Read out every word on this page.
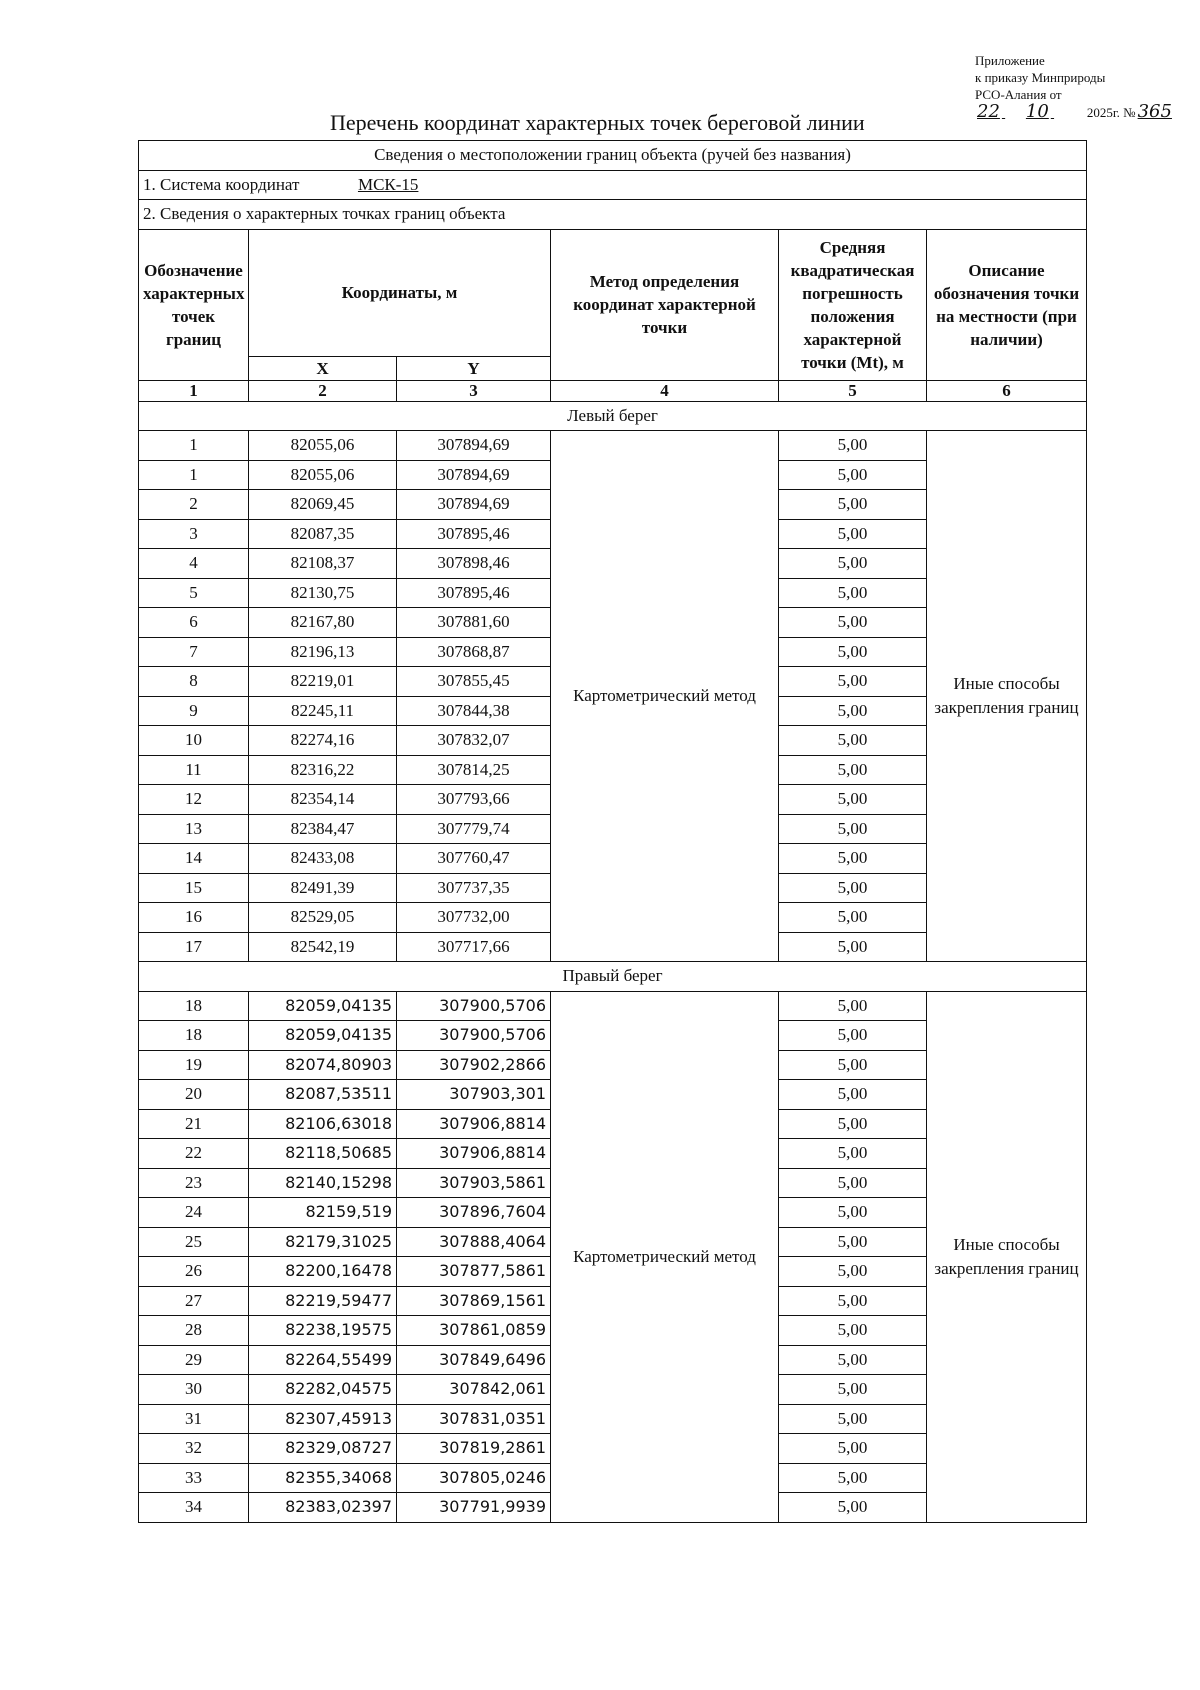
Приложение
к приказу Минприроды
РСО-Алания от
22 10	2025г. № 365
Перечень координат характерных точек береговой линии
Сведения о местоположении границ объекта (ручей без названия)					
1. Система координат МСК-15					
2. Сведения о характерных точках границ объекта					
Обозначение характерных точек границ	Координаты, м		Метод определения координат характерной точки	Средняя квадратическая погрешность положения характерной точки (Mt), м	Описание обозначения точки на местности (при наличии)
	X	Y			
1	2	3	4	5	6
Левый берег					
1	82055,06	307894,69	Картометрический метод	5,00	Иные способы закрепления границ
1	82055,06	307894,69		5,00	
2	82069,45	307894,69		5,00	
3	82087,35	307895,46		5,00	
4	82108,37	307898,46		5,00	
5	82130,75	307895,46		5,00	
6	82167,80	307881,60		5,00	
7	82196,13	307868,87		5,00	
8	82219,01	307855,45		5,00	
9	82245,11	307844,38		5,00	
10	82274,16	307832,07		5,00	
11	82316,22	307814,25		5,00	
12	82354,14	307793,66		5,00	
13	82384,47	307779,74		5,00	
14	82433,08	307760,47		5,00	
15	82491,39	307737,35		5,00	
16	82529,05	307732,00		5,00	
17	82542,19	307717,66		5,00	
Правый берег					
18	82059,04135	307900,5706	Картометрический метод	5,00	Иные способы закрепления границ
18	82059,04135	307900,5706		5,00	
19	82074,80903	307902,2866		5,00	
20	82087,53511	307903,301		5,00	
21	82106,63018	307906,8814		5,00	
22	82118,50685	307906,8814		5,00	
23	82140,15298	307903,5861		5,00	
24	82159,519	307896,7604		5,00	
25	82179,31025	307888,4064		5,00	
26	82200,16478	307877,5861		5,00	
27	82219,59477	307869,1561		5,00	
28	82238,19575	307861,0859		5,00	
29	82264,55499	307849,6496		5,00	
30	82282,04575	307842,061		5,00	
31	82307,45913	307831,0351		5,00	
32	82329,08727	307819,2861		5,00	
33	82355,34068	307805,0246		5,00	
34	82383,02397	307791,9939		5,00	
